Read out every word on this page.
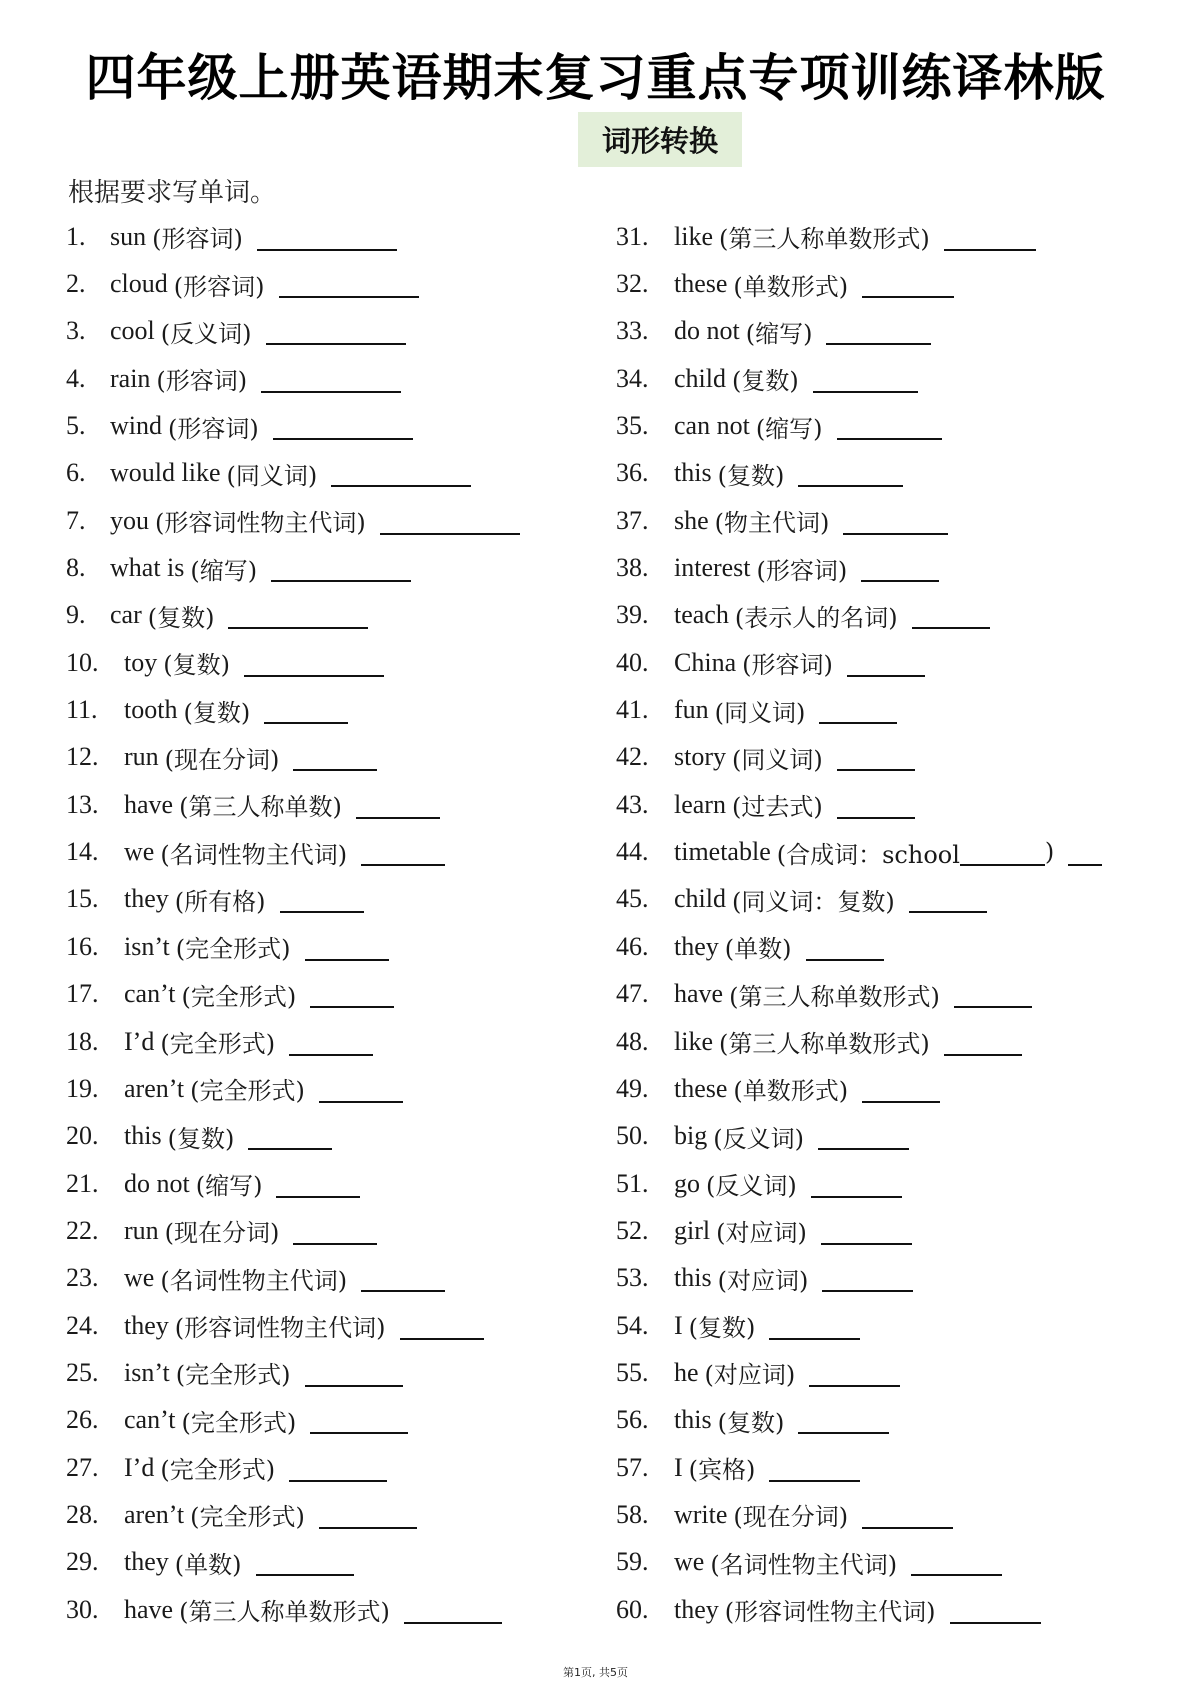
四年级上册英语期末复习重点专项训练译林版
词形转换
根据要求写单词。
1. sun (形容词)
2. cloud (形容词)
3. cool (反义词)
4. rain (形容词)
5. wind (形容词)
6. would like (同义词)
7. you (形容词性物主代词)
8. what is (缩写)
9. car (复数)
10. toy (复数)
11.	tooth (复数)
12. run (现在分词)
13. have (第三人称单数)
14. we (名词性物主代词)
15. they (所有格)
16. isn’t (完全形式)
17. can’t (完全形式)
18. I’d (完全形式)
19. aren’t (完全形式)
20. this (复数)
21. do not (缩写)
22. run (现在分词)
23. we (名词性物主代词)
24. they (形容词性物主代词)
25. isn’t (完全形式)
26. can’t (完全形式)
27. I’d (完全形式)
28. aren’t (完全形式)
29. they (单数)
30. have (第三人称单数形式)
31. like (第三人称单数形式)
32. these (单数形式)
33. do not (缩写)
34. child (复数)
35. can not (缩写)
36. this (复数)
37. she (物主代词)
38. interest (形容词)
39. teach (表示人的名词)
40. China (形容词)
41. fun (同义词)
42. story (同义词)
43. learn (过去式)
44. timetable (合成词：school	)
45. child (同义词：复数)
46. they (单数)
47. have (第三人称单数形式)
48. like (第三人称单数形式)
49. these (单数形式)
50. big (反义词)
51. go (反义词)
52. girl (对应词)
53. this (对应词)
54. I (复数)
55. he (对应词)
56. this (复数)
57. I (宾格)
58. write (现在分词)
59. we (名词性物主代词)
60. they (形容词性物主代词)
第1页, 共5页
